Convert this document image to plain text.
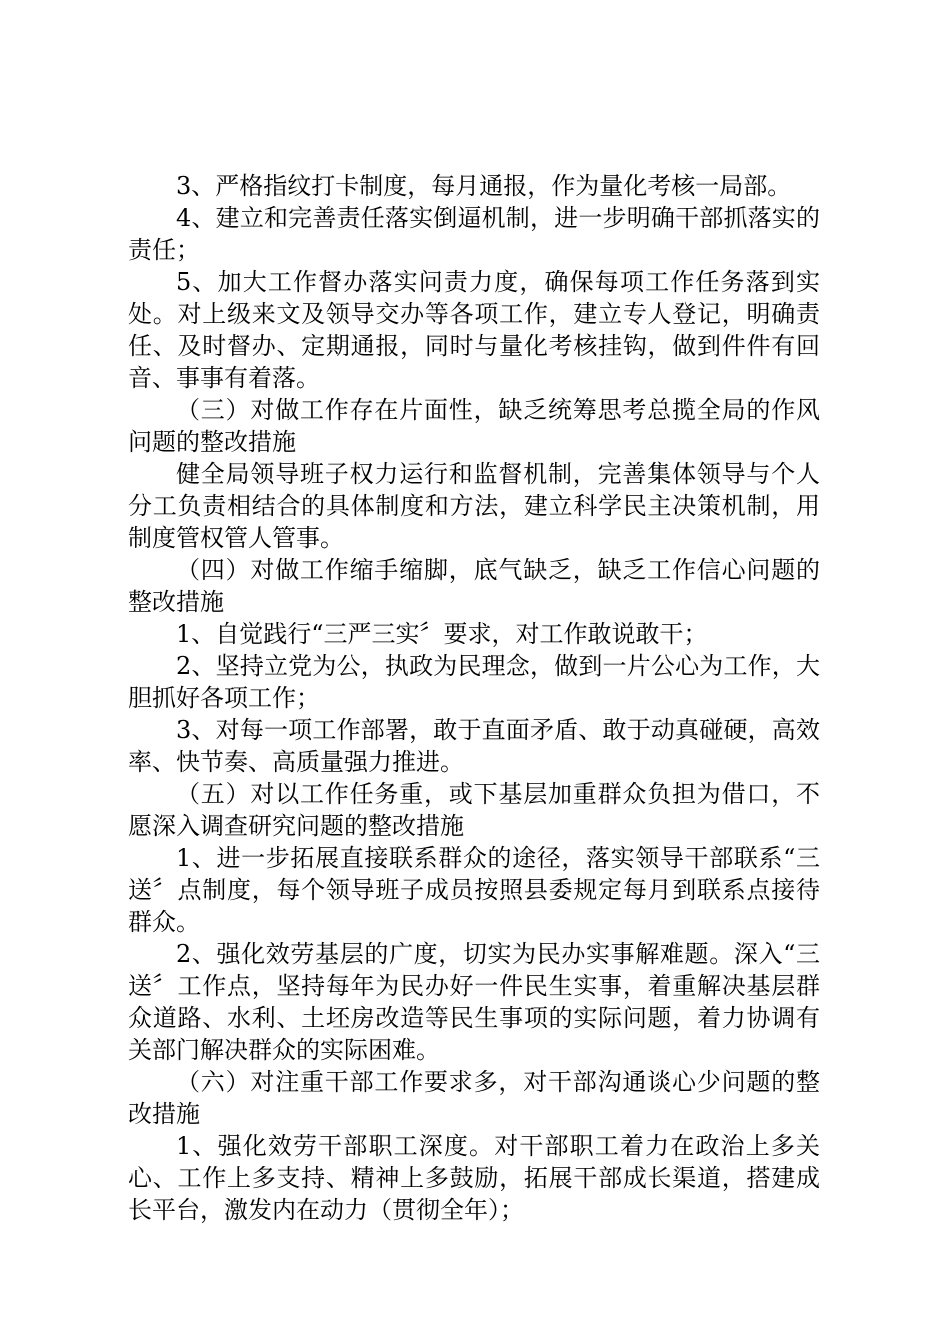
3、严格指纹打卡制度，每月通报，作为量化考核一局部。

4、建立和完善责任落实倒逼机制，进一步明确干部抓落实的责任；

5、加大工作督办落实问责力度，确保每项工作任务落到实处。对上级来文及领导交办等各项工作，建立专人登记，明确责任、及时督办、定期通报，同时与量化考核挂钩，做到件件有回音、事事有着落。

（三）对做工作存在片面性，缺乏统筹思考总揽全局的作风问题的整改措施

健全局领导班子权力运行和监督机制，完善集体领导与个人分工负责相结合的具体制度和方法，建立科学民主决策机制，用制度管权管人管事。

（四）对做工作缩手缩脚，底气缺乏，缺乏工作信心问题的整改措施

1、自觉践行“三严三实〞要求，对工作敢说敢干；

2、坚持立党为公，执政为民理念，做到一片公心为工作，大胆抓好各项工作；

3、对每一项工作部署，敢于直面矛盾、敢于动真碰硬，高效率、快节奏、高质量强力推进。

（五）对以工作任务重，或下基层加重群众负担为借口，不愿深入调查研究问题的整改措施

1、进一步拓展直接联系群众的途径，落实领导干部联系“三送〞点制度，每个领导班子成员按照县委规定每月到联系点接待群众。

2、强化效劳基层的广度，切实为民办实事解难题。深入“三送〞工作点，坚持每年为民办好一件民生实事，着重解决基层群众道路、水利、土坯房改造等民生事项的实际问题，着力协调有关部门解决群众的实际困难。

（六）对注重干部工作要求多，对干部沟通谈心少问题的整改措施

1、强化效劳干部职工深度。对干部职工着力在政治上多关心、工作上多支持、精神上多鼓励，拓展干部成长渠道，搭建成长平台，激发内在动力（贯彻全年）；
